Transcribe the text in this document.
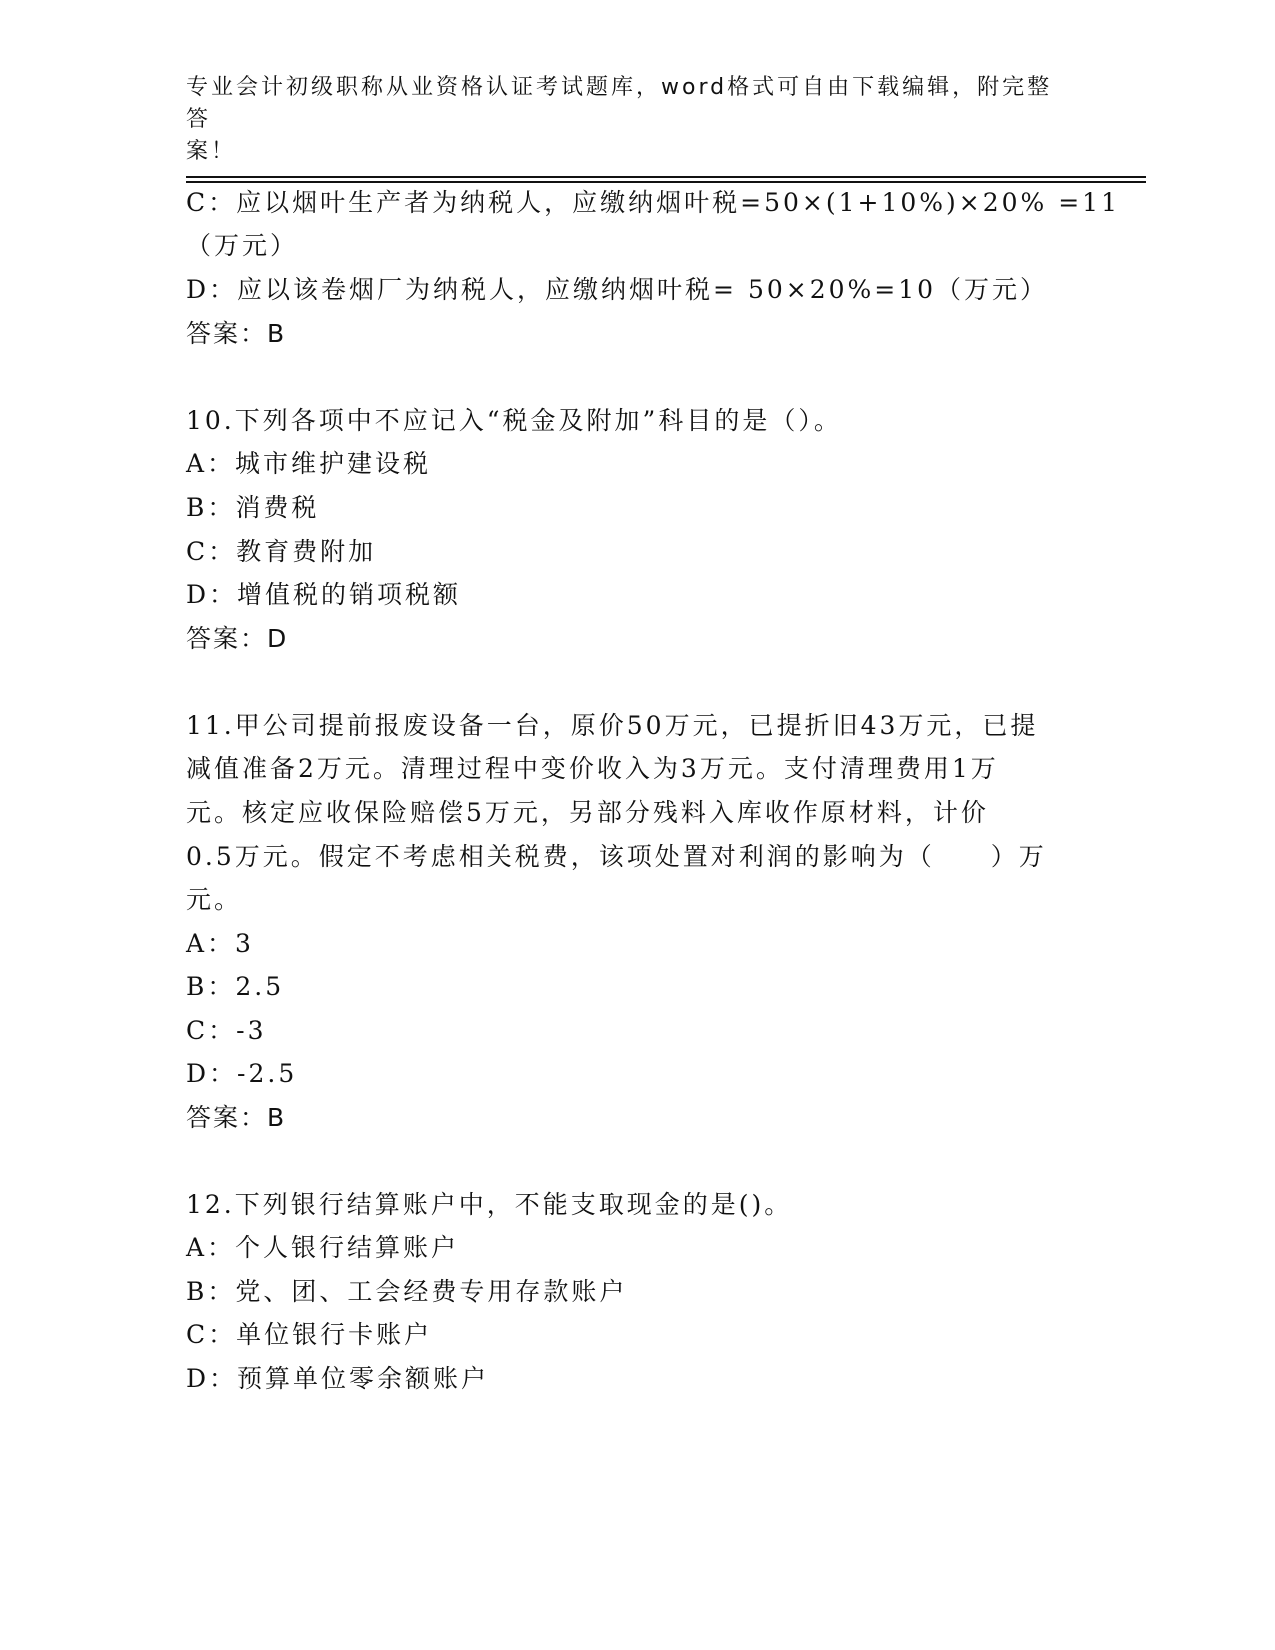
专业会计初级职称从业资格认证考试题库，word格式可自由下载编辑，附完整答
案！
C：应以烟叶生产者为纳税人，应缴纳烟叶税=50×(1+10%)×20% =11
（万元）
D：应以该卷烟厂为纳税人，应缴纳烟叶税= 50×20%=10（万元）
答案：B
10.下列各项中不应记入“税金及附加”科目的是（）。
A：城市维护建设税
B：消费税
C：教育费附加
D：增值税的销项税额
答案：D
11.甲公司提前报废设备一台，原价50万元，已提折旧43万元，已提
减值准备2万元。清理过程中变价收入为3万元。支付清理费用1万
元。核定应收保险赔偿5万元，另部分残料入库收作原材料，计价
0.5万元。假定不考虑相关税费，该项处置对利润的影响为（　　）万
元。
A：3
B：2.5
C：-3
D：-2.5
答案：B
12.下列银行结算账户中，不能支取现金的是()。
A：个人银行结算账户
B：党、团、工会经费专用存款账户
C：单位银行卡账户
D：预算单位零余额账户
